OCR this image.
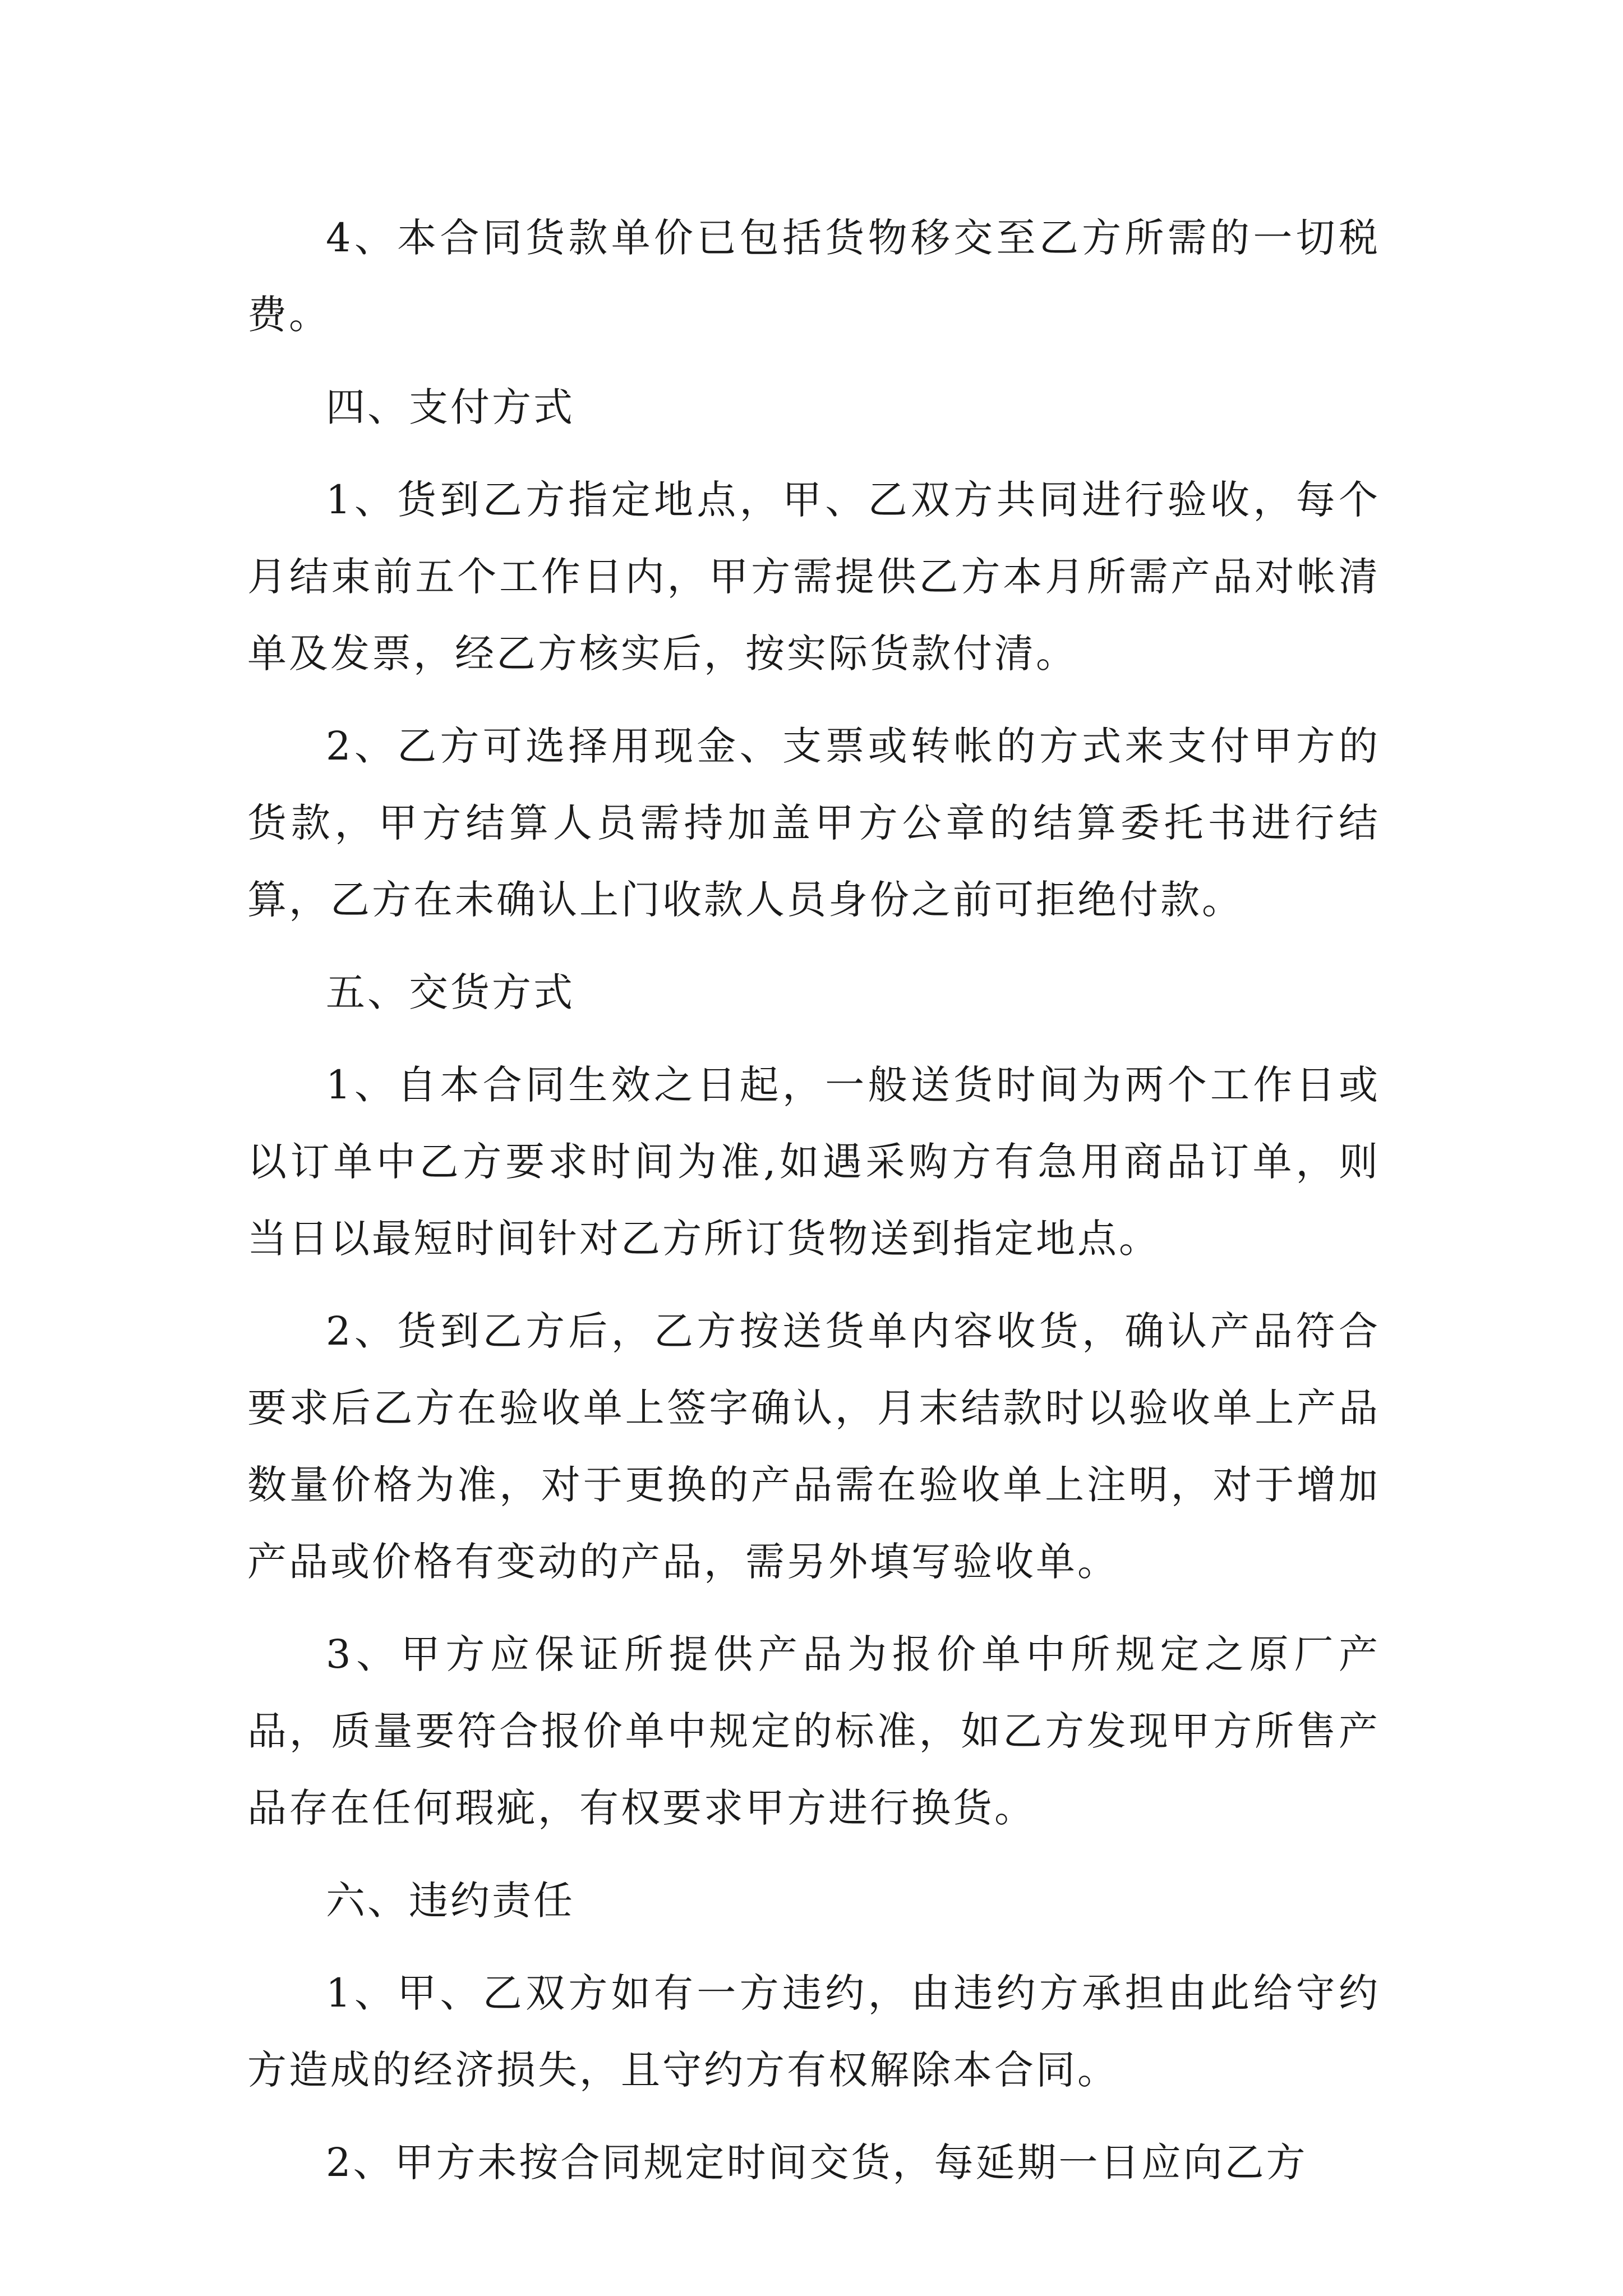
4、本合同货款单价已包括货物移交至乙方所需的一切税费。

四、支付方式

1、货到乙方指定地点，甲、乙双方共同进行验收，每个月结束前五个工作日内，甲方需提供乙方本月所需产品对帐清单及发票，经乙方核实后，按实际货款付清。

2、乙方可选择用现金、支票或转帐的方式来支付甲方的货款，甲方结算人员需持加盖甲方公章的结算委托书进行结算，乙方在未确认上门收款人员身份之前可拒绝付款。

五、交货方式

1、自本合同生效之日起，一般送货时间为两个工作日或以订单中乙方要求时间为准,如遇采购方有急用商品订单，则当日以最短时间针对乙方所订货物送到指定地点。

2、货到乙方后，乙方按送货单内容收货，确认产品符合要求后乙方在验收单上签字确认，月末结款时以验收单上产品数量价格为准，对于更换的产品需在验收单上注明，对于增加产品或价格有变动的产品，需另外填写验收单。

3、甲方应保证所提供产品为报价单中所规定之原厂产品，质量要符合报价单中规定的标准，如乙方发现甲方所售产品存在任何瑕疵，有权要求甲方进行换货。

六、违约责任

1、甲、乙双方如有一方违约，由违约方承担由此给守约方造成的经济损失，且守约方有权解除本合同。

2、甲方未按合同规定时间交货，每延期一日应向乙方
